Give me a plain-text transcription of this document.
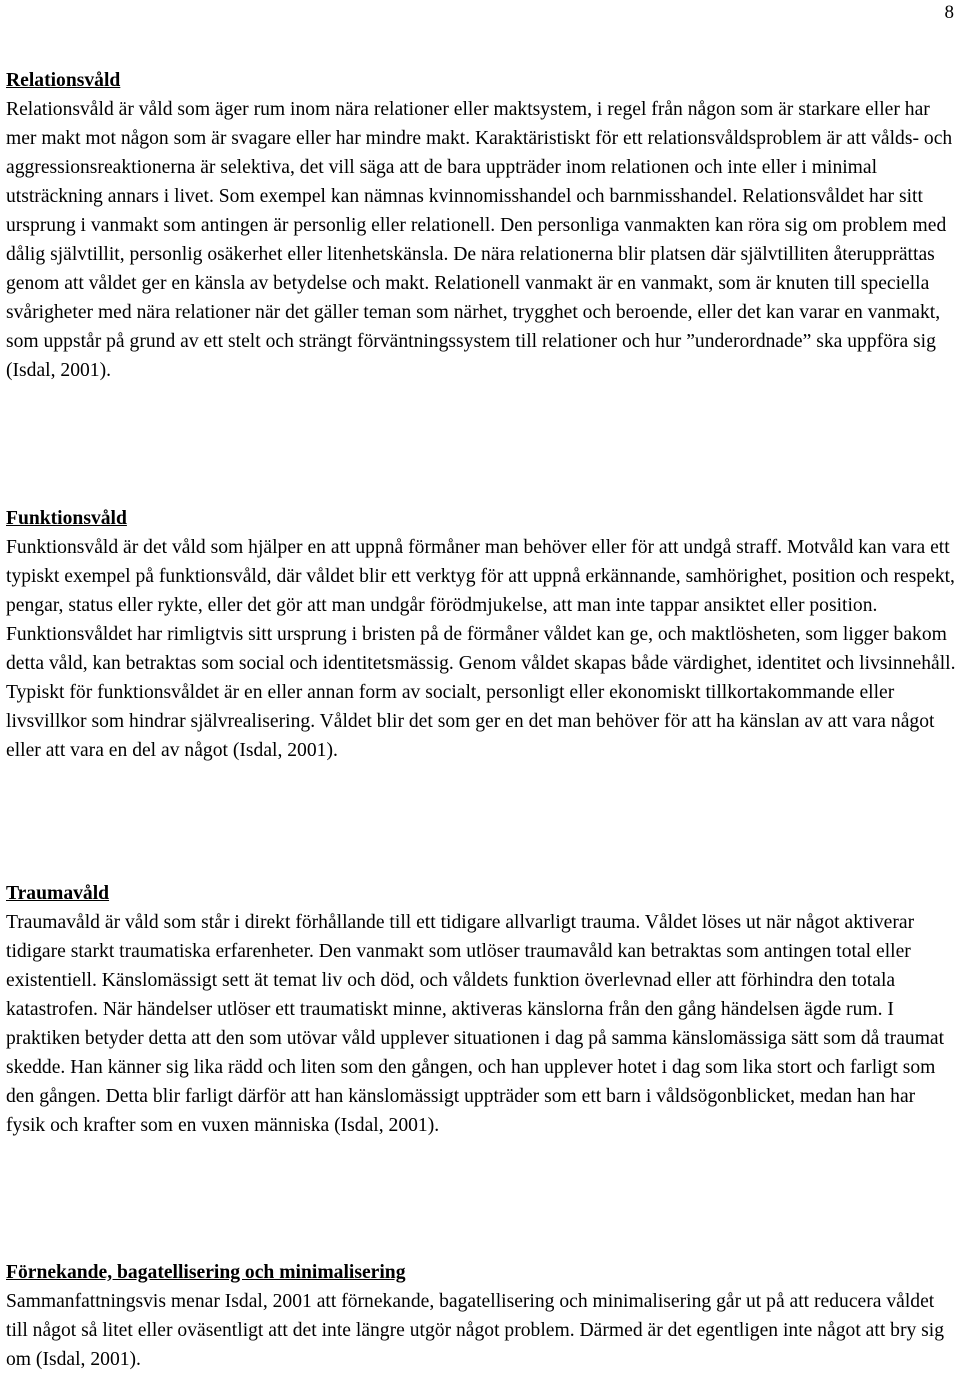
8

Relationsvåld

Relationsvåld är våld som äger rum inom nära relationer eller maktsystem, i regel från någon som är starkare eller har mer makt mot någon som är svagare eller har mindre makt. Karaktäristiskt för ett relationsvåldsproblem är att vålds- och aggressionsreaktionerna är selektiva, det vill säga att de bara uppträder inom relationen och inte eller i minimal utsträckning annars i livet. Som exempel kan nämnas kvinnomisshandel och barnmisshandel. Relationsvåldet har sitt ursprung i vanmakt som antingen är personlig eller relationell. Den personliga vanmakten kan röra sig om problem med dålig självtillit, personlig osäkerhet eller litenhetskänsla. De nära relationerna blir platsen där självtilliten återupprättas genom att våldet ger en känsla av betydelse och makt. Relationell vanmakt är en vanmakt, som är knuten till speciella svårigheter med nära relationer när det gäller teman som närhet, trygghet och beroende, eller det kan varar en vanmakt, som uppstår på grund av ett stelt och strängt förväntningssystem till relationer och hur ”underordnade” ska uppföra sig (Isdal, 2001).

Funktionsvåld

Funktionsvåld är det våld som hjälper en att uppnå förmåner man behöver eller för att undgå straff. Motvåld kan vara ett typiskt exempel på funktionsvåld, där våldet blir ett verktyg för att uppnå erkännande, samhörighet, position och respekt, pengar, status eller rykte, eller det gör att man undgår förödmjukelse, att man inte tappar ansiktet eller position. Funktionsvåldet har rimligtvis sitt ursprung i bristen på de förmåner våldet kan ge, och maktlösheten, som ligger bakom detta våld, kan betraktas som social och identitetsmässig. Genom våldet skapas både värdighet, identitet och livsinnehåll. Typiskt för funktionsvåldet är en eller annan form av socialt, personligt eller ekonomiskt tillkortakommande eller livsvillkor som hindrar självrealisering. Våldet blir det som ger en det man behöver för att ha känslan av att vara något eller att vara en del av något (Isdal, 2001).

Traumavåld

Traumavåld är våld som står i direkt förhållande till ett tidigare allvarligt trauma. Våldet löses ut när något aktiverar tidigare starkt traumatiska erfarenheter. Den vanmakt som utlöser traumavåld kan betraktas som antingen total eller existentiell. Känslomässigt sett ät temat liv och död, och våldets funktion överlevnad eller att förhindra den totala katastrofen. När händelser utlöser ett traumatiskt minne, aktiveras känslorna från den gång händelsen ägde rum. I praktiken betyder detta att den som utövar våld upplever situationen i dag på samma känslomässiga sätt som då traumat skedde. Han känner sig lika rädd och liten som den gången, och han upplever hotet i dag som lika stort och farligt som den gången. Detta blir farligt därför att han känslomässigt uppträder som ett barn i våldsögonblicket, medan han har fysik och krafter som en vuxen människa (Isdal, 2001).

Förnekande, bagatellisering och minimalisering

Sammanfattningsvis menar Isdal, 2001 att förnekande, bagatellisering och minimalisering går ut på att reducera våldet till något så litet eller oväsentligt att det inte längre utgör något problem. Därmed är det egentligen inte något att bry sig om (Isdal, 2001).
